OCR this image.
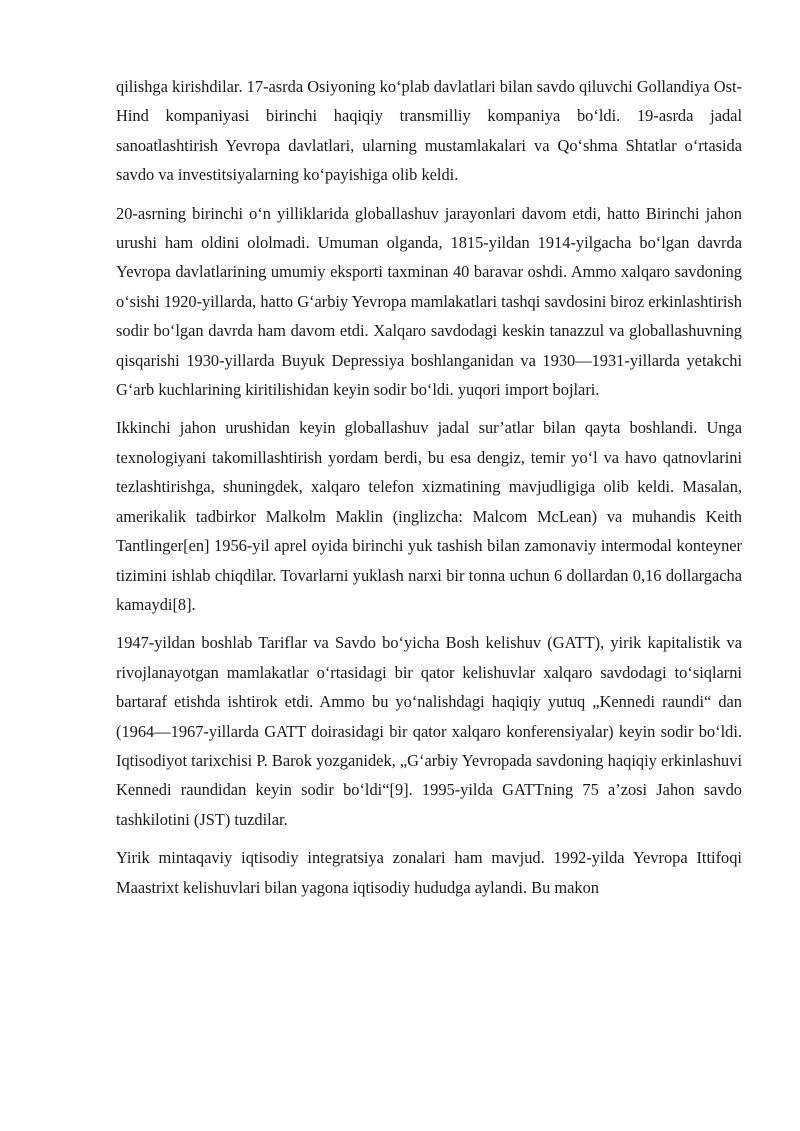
qilishga kirishdilar. 17-asrda Osiyoning ko‘plab davlatlari bilan savdo qiluvchi Gollandiya Ost-Hind kompaniyasi birinchi haqiqiy transmilliy kompaniya bo‘ldi. 19-asrda jadal sanoatlashtirish Yevropa davlatlari, ularning mustamlakalari va Qo‘shma Shtatlar o‘rtasida savdo va investitsiyalarning ko‘payishiga olib keldi.

20-asrning birinchi o‘n yilliklarida globallashuv jarayonlari davom etdi, hatto Birinchi jahon urushi ham oldini ololmadi. Umuman olganda, 1815-yildan 1914-yilgacha bo‘lgan davrda Yevropa davlatlarining umumiy eksporti taxminan 40 baravar oshdi. Ammo xalqaro savdoning o‘sishi 1920-yillarda, hatto G‘arbiy Yevropa mamlakatlari tashqi savdosini biroz erkinlashtirish sodir bo‘lgan davrda ham davom etdi. Xalqaro savdodagi keskin tanazzul va globallashuvning qisqarishi 1930-yillarda Buyuk Depressiya boshlanganidan va 1930—1931-yillarda yetakchi G‘arb kuchlarining kiritilishidan keyin sodir bo‘ldi. yuqori import bojlari.

Ikkinchi jahon urushidan keyin globallashuv jadal sur’atlar bilan qayta boshlandi. Unga texnologiyani takomillashtirish yordam berdi, bu esa dengiz, temir yo‘l va havo qatnovlarini tezlashtirishga, shuningdek, xalqaro telefon xizmatining mavjudligiga olib keldi. Masalan, amerikalik tadbirkor Malkolm Maklin (inglizcha: Malcom McLean) va muhandis Keith Tantlinger[en] 1956-yil aprel oyida birinchi yuk tashish bilan zamonaviy intermodal konteyner tizimini ishlab chiqdilar. Tovarlarni yuklash narxi bir tonna uchun 6 dollardan 0,16 dollargacha kamaydi[8].

1947-yildan boshlab Tariflar va Savdo bo‘yicha Bosh kelishuv (GATT), yirik kapitalistik va rivojlanayotgan mamlakatlar o‘rtasidagi bir qator kelishuvlar xalqaro savdodagi to‘siqlarni bartaraf etishda ishtirok etdi. Ammo bu yo‘nalishdagi haqiqiy yutuq „Kennedi raundi“ dan (1964—1967-yillarda GATT doirasidagi bir qator xalqaro konferensiyalar) keyin sodir bo‘ldi. Iqtisodiyot tarixchisi P. Barok yozganidek, „G‘arbiy Yevropada savdoning haqiqiy erkinlashuvi Kennedi raundidan keyin sodir bo‘ldi“[9]. 1995-yilda GATTning 75 a’zosi Jahon savdo tashkilotini (JST) tuzdilar.

Yirik mintaqaviy iqtisodiy integratsiya zonalari ham mavjud. 1992-yilda Yevropa Ittifoqi Maastrixt kelishuvlari bilan yagona iqtisodiy hududga aylandi. Bu makon
